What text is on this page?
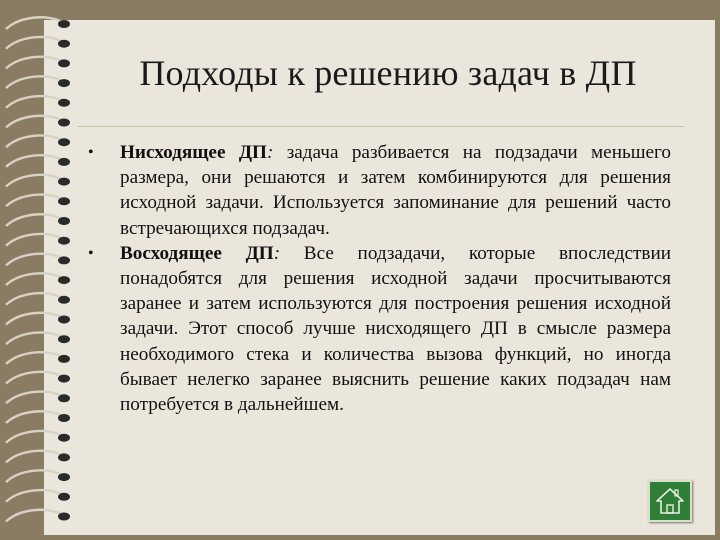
Подходы к решению задач в ДП
•	Нисходящее ДП: задача разбивается на подзадачи меньшего размера, они решаются и затем комбинируются для решения исходной задачи. Используется запоминание для решений часто встречающихся подзадач.
•	Восходящее ДП: Все подзадачи, которые впоследствии понадобятся для решения исходной задачи просчитываются заранее и затем используются для построения решения исходной задачи. Этот способ лучше нисходящего ДП в смысле размера необходимого стека и количества вызова функций, но иногда бывает нелегко заранее выяснить решение каких подзадач нам потребуется в дальнейшем.
